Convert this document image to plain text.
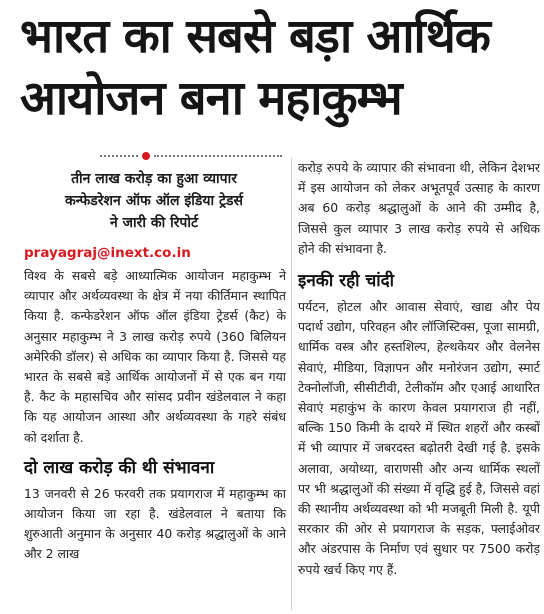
भारत का सबसे बड़ा आर्थिक
आयोजन बना महाकुम्भ
तीन लाख करोड़ का हुआ व्यापार
कन्फेडरेशन ऑफ ऑल इंडिया ट्रेडर्स
ने जारी की रिपोर्ट
prayagraj@inext.co.in

विश्व के सबसे बड़े आध्यात्मिक आयोजन महाकुम्भ ने व्यापार और अर्थव्यवस्था के क्षेत्र में नया कीर्तिमान स्थापित किया है. कन्फेडरेशन ऑफ ऑल इंडिया ट्रेडर्स (कैट) के अनुसार महाकुम्भ ने 3 लाख करोड़ रुपये (360 बिलियन अमेरिकी डॉलर) से अधिक का व्यापार किया है. जिससे यह भारत के सबसे बड़े आर्थिक आयोजनों में से एक बन गया है. कैट के महासचिव और सांसद प्रवीन खंडेलवाल ने कहा कि यह आयोजन आस्था और अर्थव्यवस्था के गहरे संबंध को दर्शाता है.

दो लाख करोड़ की थी संभावना

13 जनवरी से 26 फरवरी तक प्रयागराज में महाकुम्भ का आयोजन किया जा रहा है. खंडेलवाल ने बताया कि शुरुआती अनुमान के अनुसार 40 करोड़ श्रद्धालुओं के आने और 2 लाख

करोड़ रुपये के व्यापार की संभावना थी, लेकिन देशभर में इस आयोजन को लेकर अभूतपूर्व उत्साह के कारण अब 60 करोड़ श्रद्धालुओं के आने की उम्मीद है, जिससे कुल व्यापार 3 लाख करोड़ रुपये से अधिक होने की संभावना है.

इनकी रही चांदी

पर्यटन, होटल और आवास सेवाएं, खाद्य और पेय पदार्थ उद्योग, परिवहन और लॉजिस्टिक्स, पूजा सामग्री, धार्मिक वस्त्र और हस्तशिल्प, हेल्थकेयर और वेलनेस सेवाएं, मीडिया, विज्ञापन और मनोरंजन उद्योग, स्मार्ट टेक्नोलॉजी, सीसीटीवी, टेलीकॉम और एआई आधारित सेवाएं महाकुंभ के कारण केवल प्रयागराज ही नहीं, बल्कि 150 किमी के दायरे में स्थित शहरों और कस्बों में भी व्यापार में जबरदस्त बढ़ोतरी देखी गई है. इसके अलावा, अयोध्या, वाराणसी और अन्य धार्मिक स्थलों पर भी श्रद्धालुओं की संख्या में वृद्धि हुई है, जिससे वहां की स्थानीय अर्थव्यवस्था को भी मजबूती मिली है. यूपी सरकार की ओर से प्रयागराज के सड़क, फ्लाईओवर और अंडरपास के निर्माण एवं सुधार पर 7500 करोड़ रुपये खर्च किए गए हैं.
